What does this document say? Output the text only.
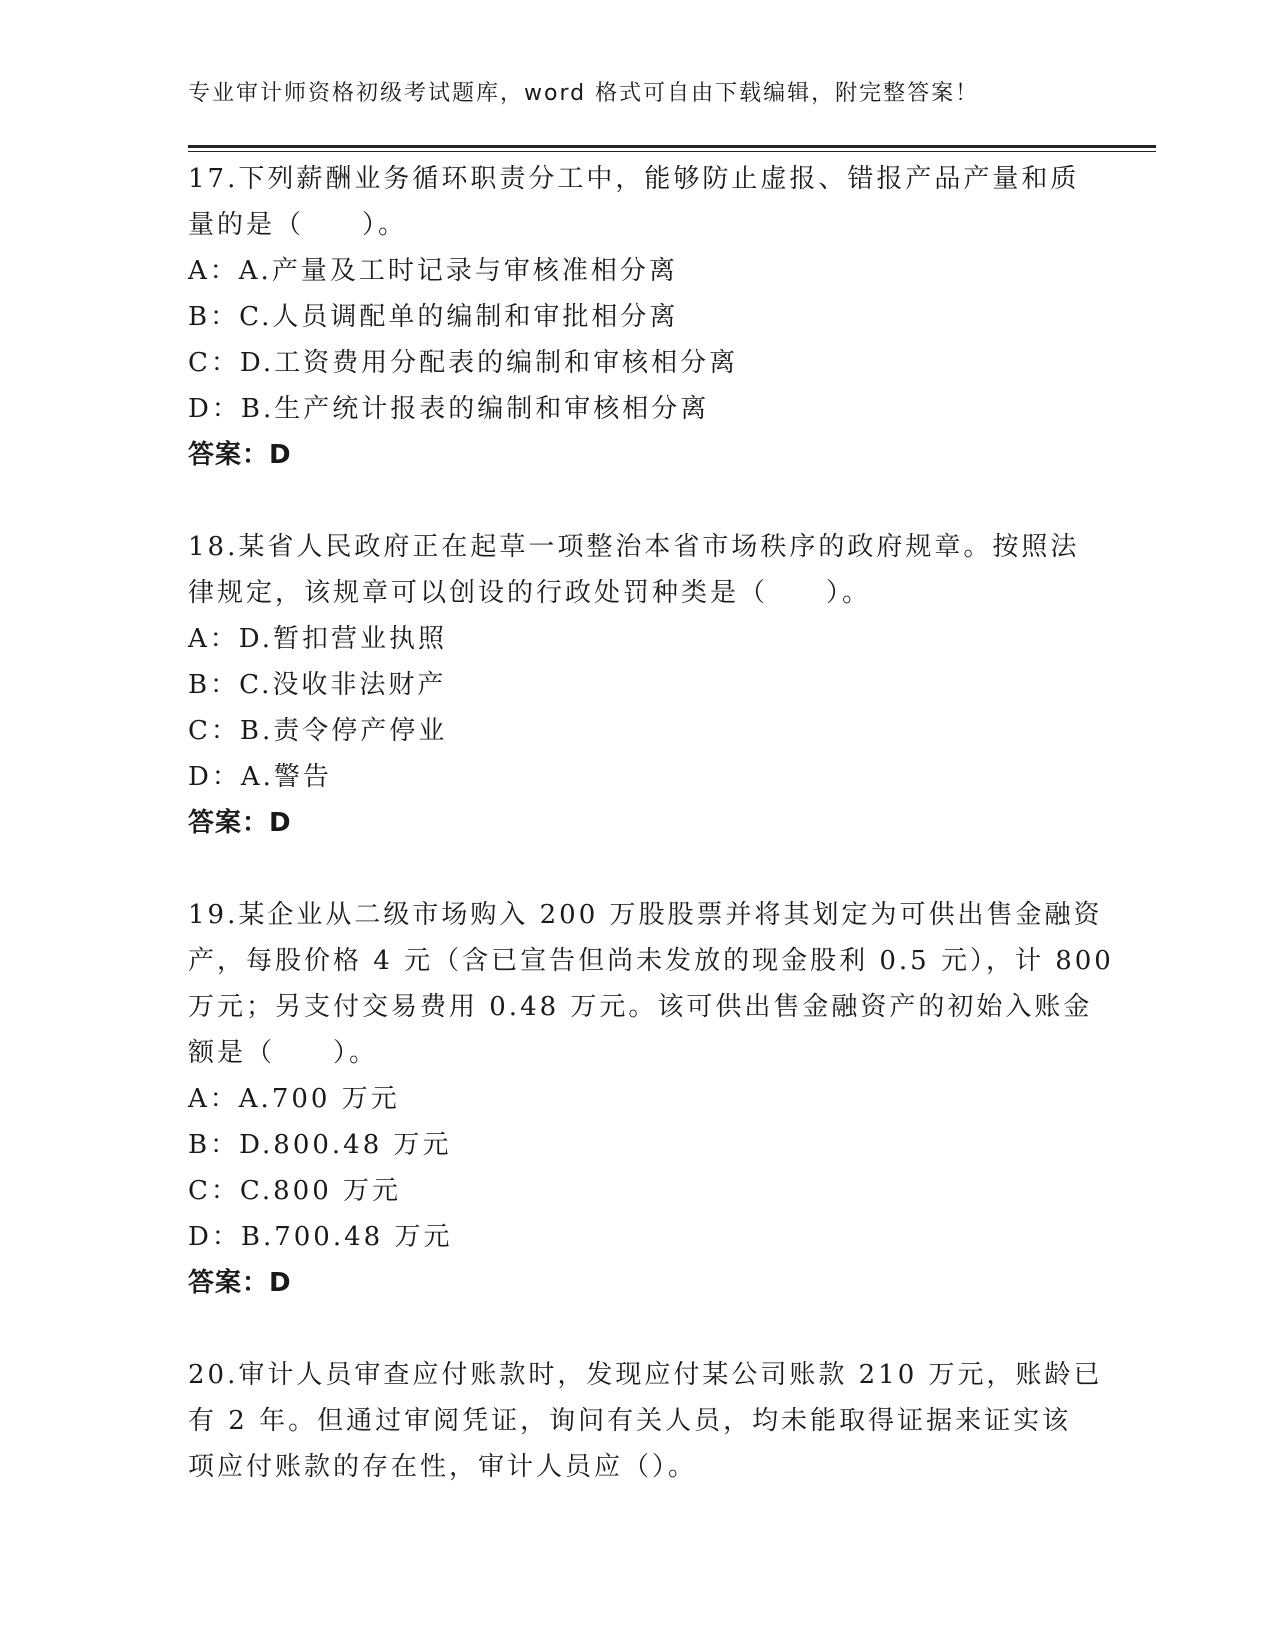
专业审计师资格初级考试题库，word 格式可自由下载编辑，附完整答案！
17.下列薪酬业务循环职责分工中，能够防止虚报、错报产品产量和质
量的是（　　）。
A：A.产量及工时记录与审核准相分离
B：C.人员调配单的编制和审批相分离
C：D.工资费用分配表的编制和审核相分离
D：B.生产统计报表的编制和审核相分离
答案：D
18.某省人民政府正在起草一项整治本省市场秩序的政府规章。按照法
律规定，该规章可以创设的行政处罚种类是（　　）。
A：D.暂扣营业执照
B：C.没收非法财产
C：B.责令停产停业
D：A.警告
答案：D
19.某企业从二级市场购入 200 万股股票并将其划定为可供出售金融资
产，每股价格 4 元（含已宣告但尚未发放的现金股利 0.5 元），计 800
万元；另支付交易费用 0.48 万元。该可供出售金融资产的初始入账金
额是（　　）。
A：A.700 万元
B：D.800.48 万元
C：C.800 万元
D：B.700.48 万元
答案：D
20.审计人员审查应付账款时，发现应付某公司账款 210 万元，账龄已
有 2 年。但通过审阅凭证，询问有关人员，均未能取得证据来证实该
项应付账款的存在性，审计人员应（）。
